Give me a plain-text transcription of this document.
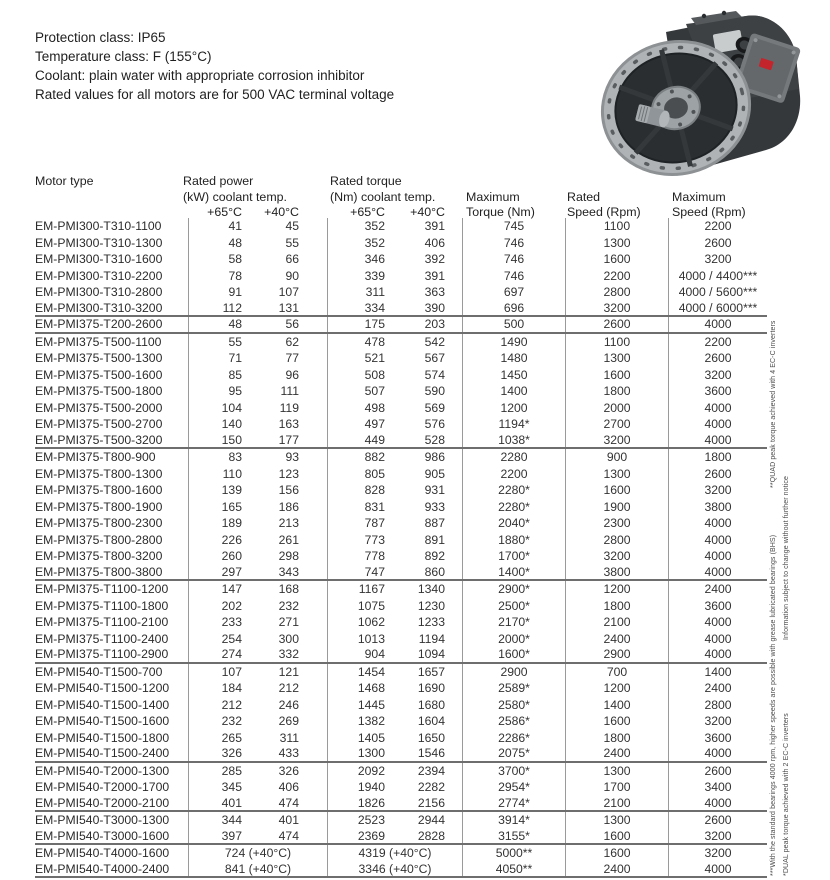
Protection class: IP65
Temperature class: F (155°C)
Coolant: plain water with appropriate corrosion inhibitor
Rated values for all motors are for 500 VAC terminal voltage
Motor type	Rated power
(kW) coolant temp.
+65°C	+40°C
Rated torque
(Nm) coolant temp.
+65°C	+40°C
Maximum
Torque (Nm)
Rated
Speed (Rpm)
Maximum
Speed (Rpm)
EM-PMI300-T310-1100	41	45	352	391	745	1100	2200
EM-PMI300-T310-1300	48	55	352	406	746	1300	2600
EM-PMI300-T310-1600	58	66	346	392	746	1600	3200
EM-PMI300-T310-2200	78	90	339	391	746	2200	4000 / 4400***
EM-PMI300-T310-2800	91	107	311	363	697	2800	4000 / 5600***
EM-PMI300-T310-3200	112	131	334	390	696	3200	4000 / 6000***
EM-PMI375-T200-2600	48	56	175	203	500	2600	4000
EM-PMI375-T500-1100	55	62	478	542	1490	1100	2200
EM-PMI375-T500-1300	71	77	521	567	1480	1300	2600
EM-PMI375-T500-1600	85	96	508	574	1450	1600	3200
EM-PMI375-T500-1800	95	111	507	590	1400	1800	3600
EM-PMI375-T500-2000	104	119	498	569	1200	2000	4000
EM-PMI375-T500-2700	140	163	497	576	1194*	2700	4000
EM-PMI375-T500-3200	150	177	449	528	1038*	3200	4000
EM-PMI375-T800-900	83	93	882	986	2280	900	1800
EM-PMI375-T800-1300	110	123	805	905	2200	1300	2600
EM-PMI375-T800-1600	139	156	828	931	2280*	1600	3200
EM-PMI375-T800-1900	165	186	831	933	2280*	1900	3800
EM-PMI375-T800-2300	189	213	787	887	2040*	2300	4000
EM-PMI375-T800-2800	226	261	773	891	1880*	2800	4000
EM-PMI375-T800-3200	260	298	778	892	1700*	3200	4000
EM-PMI375-T800-3800	297	343	747	860	1400*	3800	4000
EM-PMI375-T1100-1200	147	168	1167	1340	2900*	1200	2400
EM-PMI375-T1100-1800	202	232	1075	1230	2500*	1800	3600
EM-PMI375-T1100-2100	233	271	1062	1233	2170*	2100	4000
EM-PMI375-T1100-2400	254	300	1013	1194	2000*	2400	4000
EM-PMI375-T1100-2900	274	332	904	1094	1600*	2900	4000
EM-PMI540-T1500-700	107	121	1454	1657	2900	700	1400
EM-PMI540-T1500-1200	184	212	1468	1690	2589*	1200	2400
EM-PMI540-T1500-1400	212	246	1445	1680	2580*	1400	2800
EM-PMI540-T1500-1600	232	269	1382	1604	2586*	1600	3200
EM-PMI540-T1500-1800	265	311	1405	1650	2286*	1800	3600
EM-PMI540-T1500-2400	326	433	1300	1546	2075*	2400	4000
EM-PMI540-T2000-1300	285	326	2092	2394	3700*	1300	2600
EM-PMI540-T2000-1700	345	406	1940	2282	2954*	1700	3400
EM-PMI540-T2000-2100	401	474	1826	2156	2774*	2100	4000
EM-PMI540-T3000-1300	344	401	2523	2944	3914*	1300	2600
EM-PMI540-T3000-1600	397	474	2369	2828	3155*	1600	3200
EM-PMI540-T4000-1600	724 (+40°C)	4319 (+40°C)	5000**	1600	3200
EM-PMI540-T4000-2400	841 (+40°C)	3346 (+40°C)	4050**	2400	4000	***With the standard bearings 4000 rpm, higher speeds are possible with grease lubricated bearings (BHS)
**QUAD peak torque achieved with 4 EC-C inverters
*DUAL peak torque achieved with 2 EC-C inverters
Information subject to change without further notice
